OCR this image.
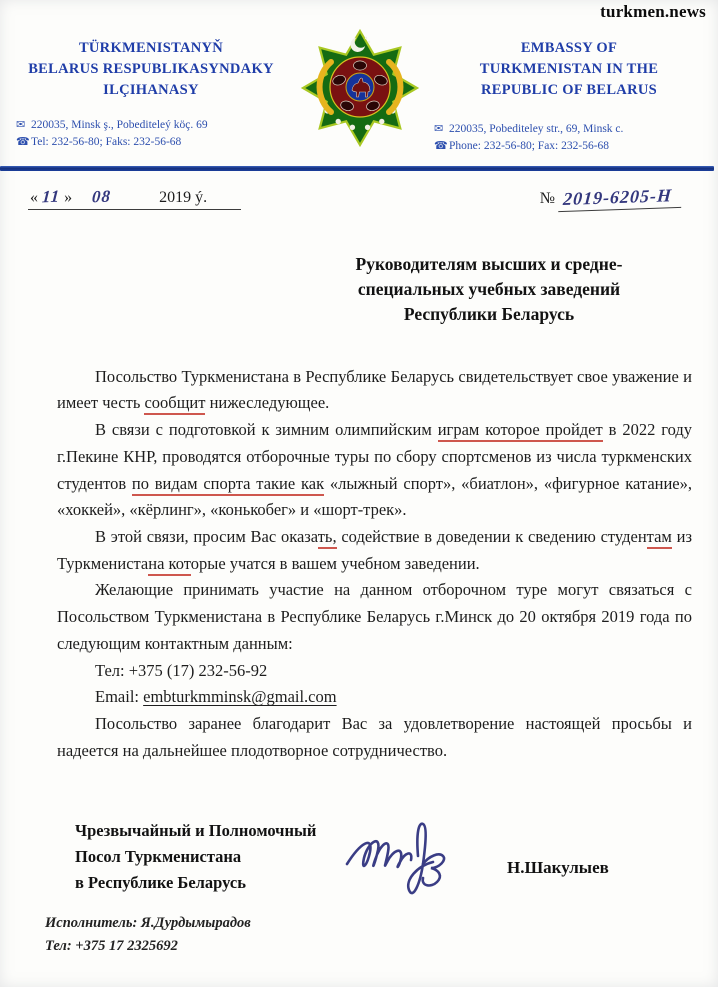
turkmen.news
TÜRKMENISTANYŇ
BELARUS RESPUBLIKASYNDAKY
ILÇIHANASY
✉ 220035, Minsk ş., Pobediteleý köç. 69
☎Tel: 232-56-80; Faks: 232-56-68
EMBASSY OF
TURKMENISTAN IN THE
REPUBLIC OF BELARUS
✉ 220035, Pobediteley str., 69, Minsk c.
☎Phone: 232-56-80; Fax: 232-56-68
« 11 » 08	2019 ý.	№ 2019-6205-Н
Руководителям высших и средне-
специальных учебных заведений
Республики Беларусь

Посольство Туркменистана в Республике Беларусь свидетельствует свое уважение и имеет честь сообщит нижеследующее.

В связи с подготовкой к зимним олимпийским играм которое пройдет в 2022 году г.Пекине КНР, проводятся отборочные туры по сбору спортсменов из числа туркменских студентов по видам спорта такие как «лыжный спорт», «биатлон», «фигурное катание», «хоккей», «кёрлинг», «конькобег» и «шорт-трек».

В этой связи, просим Вас оказать, содействие в доведении к сведению студентам из Туркменистана которые учатся в вашем учебном заведении.

Желающие принимать участие на данном отборочном туре могут связаться с Посольством Туркменистана в Республике Беларусь г.Минск до 20 октября 2019 года по следующим контактным данным:

Тел: +375 (17) 232-56-92
Email: embturkmminsk@gmail.com

Посольство заранее благодарит Вас за удовлетворение настоящей просьбы и надеется на дальнейшее плодотворное сотрудничество.

Чрезвычайный и Полномочный
Посол Туркменистана
в Республике Беларусь
Н.Шакулыев
Исполнитель: Я.Дурдымырадов
Тел: +375 17 2325692
